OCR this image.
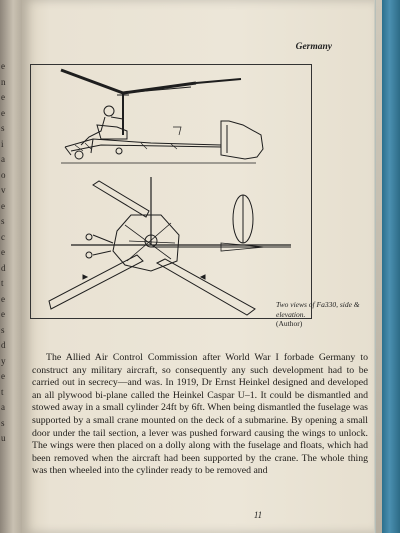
e
n
e
e
s
i
a
o
v
e
s
c
e
d
t
e
e
s
d
y
e
t
a
s
u
Germany
Two views of Fa330, side & elevation.
(Author)
The Allied Air Control Commission after World War I forbade Germany to construct any military aircraft, so consequently any such development had to be carried out in secrecy—and was. In 1919, Dr Ernst Heinkel designed and developed an all plywood bi-plane called the Heinkel Caspar U–1. It could be dismantled and stowed away in a small cylinder 24ft by 6ft. When being dismantled the fuselage was supported by a small crane mounted on the deck of a submarine. By opening a small door under the tail section, a lever was pushed forward causing the wings to unlock. The wings were then placed on a dolly along with the fuselage and floats, which had been removed when the aircraft had been supported by the crane. The whole thing was then wheeled into the cylinder ready to be removed and
11
